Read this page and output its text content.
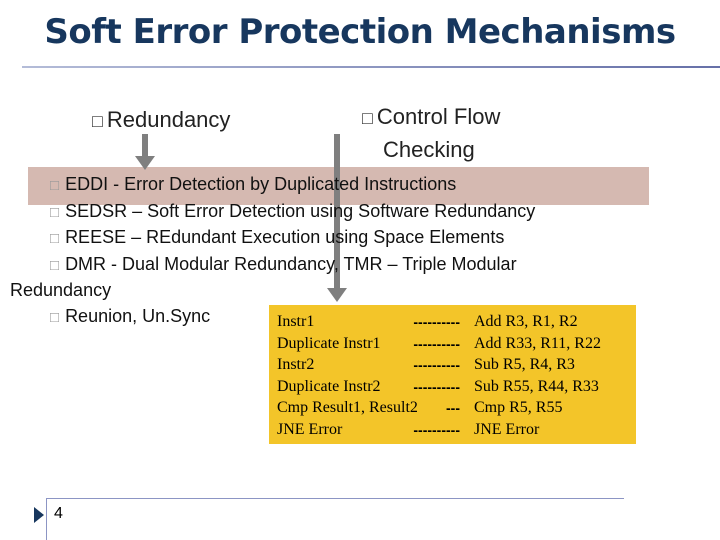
Soft Error Protection Mechanisms
□ Redundancy	□ Control Flow
Checking
□ EDDI - Error Detection by Duplicated Instructions
□ SEDSR – Soft Error Detection using Software Redundancy
□ REESE – REdundant Execution using Space Elements
□ DMR - Dual Modular Redundancy, TMR – Triple Modular
Redundancy
□ Reunion, Un.Sync	Instr1	---------- Add R3, R1, R2
Duplicate Instr1	---------- Add R33, R11, R22
Instr2	---------- Sub R5, R4, R3
Duplicate Instr2	---------- Sub R55, R44, R33
Cmp Result1, Result2	--- Cmp R5, R55
JNE Error	---------- JNE Error
4
